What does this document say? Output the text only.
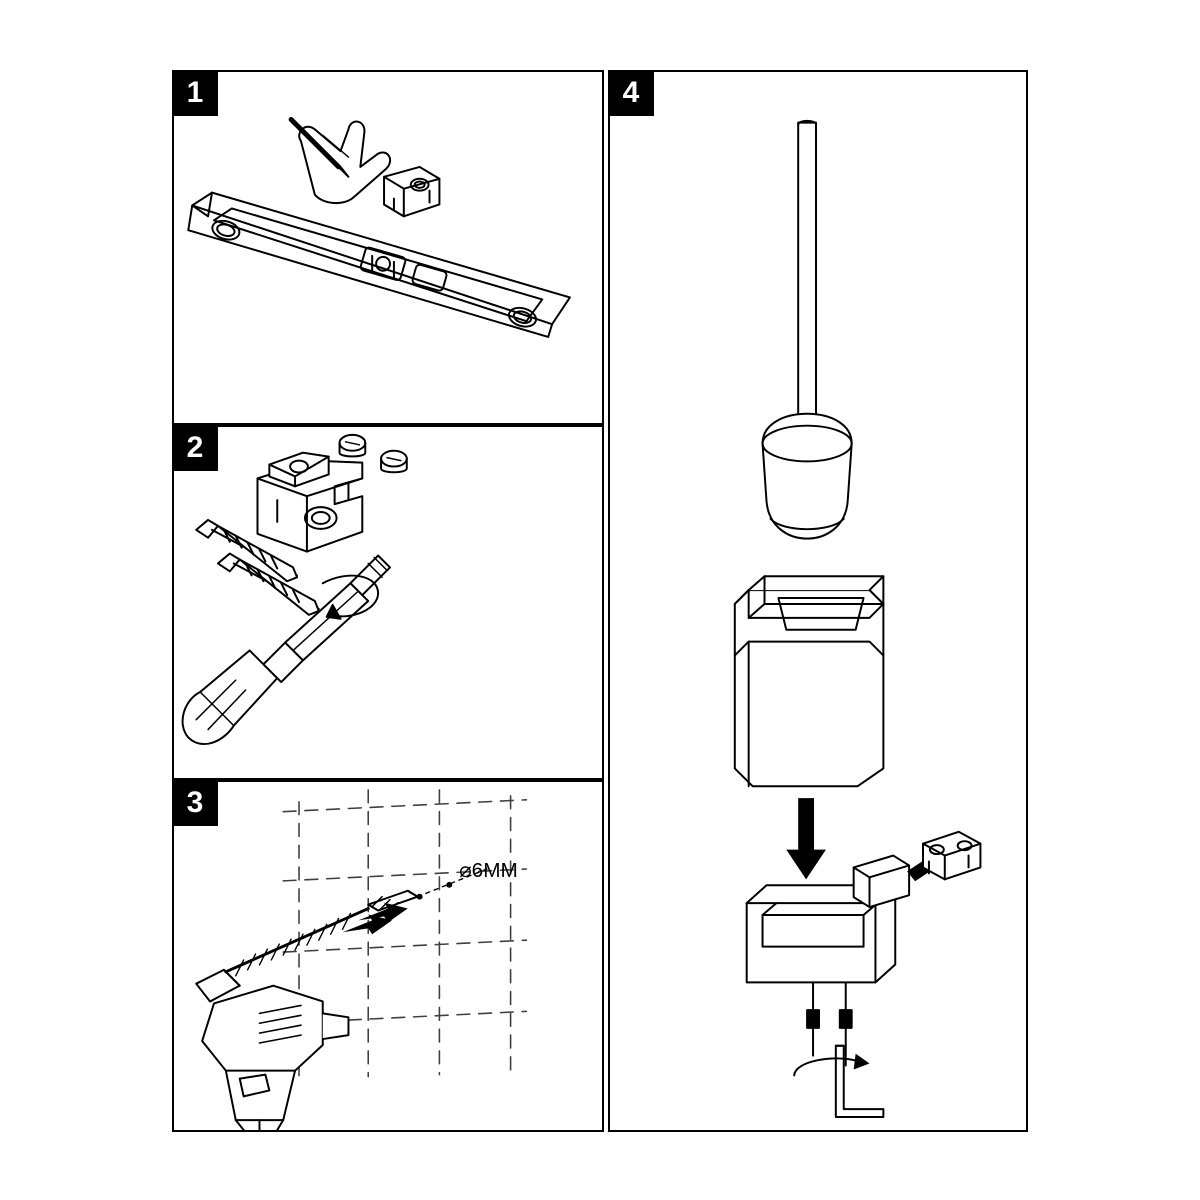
1
2
3
⌀6MM
4
